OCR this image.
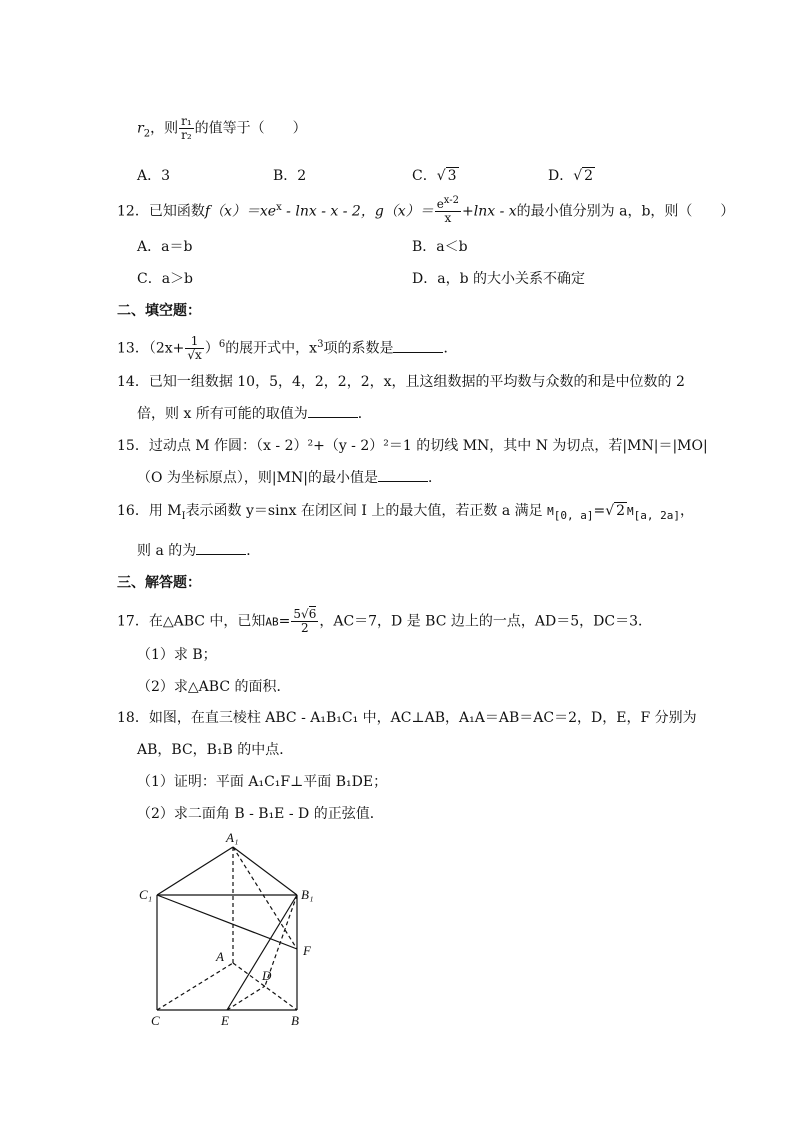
$r_2$，则 $\frac{\text{r₁}}{\text{r₂}}$ 的值等于（　　）
A．3	B．2	C．√ 3	D．√ 2
12．已知函数$f(x)=xe^x - \ln x - x - 2$，$g(x)= \frac{e^{x-2}}{x} +\ln x - x$的最小值分别为 a，b，则（　　）
A．a＝b	B．a＜b
C．a＞b	D．a，b 的大小关系不确定
二、填空题：
13．$(2x+ \frac{1}{√x} )^6$的展开式中，$x^3$项的系数是	．
14．已知一组数据 10，5，4，2，2，2，x，且这组数据的平均数与众数的和是中位数的 2
倍，则 x 所有可能的取值为	．
15．过动点 M 作圆：（x - 2）²+（y - 2）²＝1 的切线 MN，其中 N 为切点，若|MN|＝|MO|
（O 为坐标原点），则|MN|的最小值是	．
16．用 $M_I$表示函数 y＝sinx 在闭区间 I 上的最大值，若正数 a 满足 $M_{[0, a]}=√$ 2 $M_{[a, 2a]}$，
则 a 的为	．
三、解答题：
17．在△ABC 中，已知$AB= \frac{5√6}{2}$ ，AC＝7，D 是 BC 边上的一点，AD＝5，DC＝3．
（1）求 B；
（2）求△ABC 的面积．
18．如图，在直三棱柱 ABC - A₁B₁C₁ 中，AC⊥AB，A₁A＝AB＝AC＝2，D，E，F 分别为
AB，BC，B₁B 的中点．
（1）证明：平面 A₁C₁F⊥平面 B₁DE；
（2）求二面角 B - B₁E - D 的正弦值．
A₁
C₁	B₁
F
A
D
C	E	B
